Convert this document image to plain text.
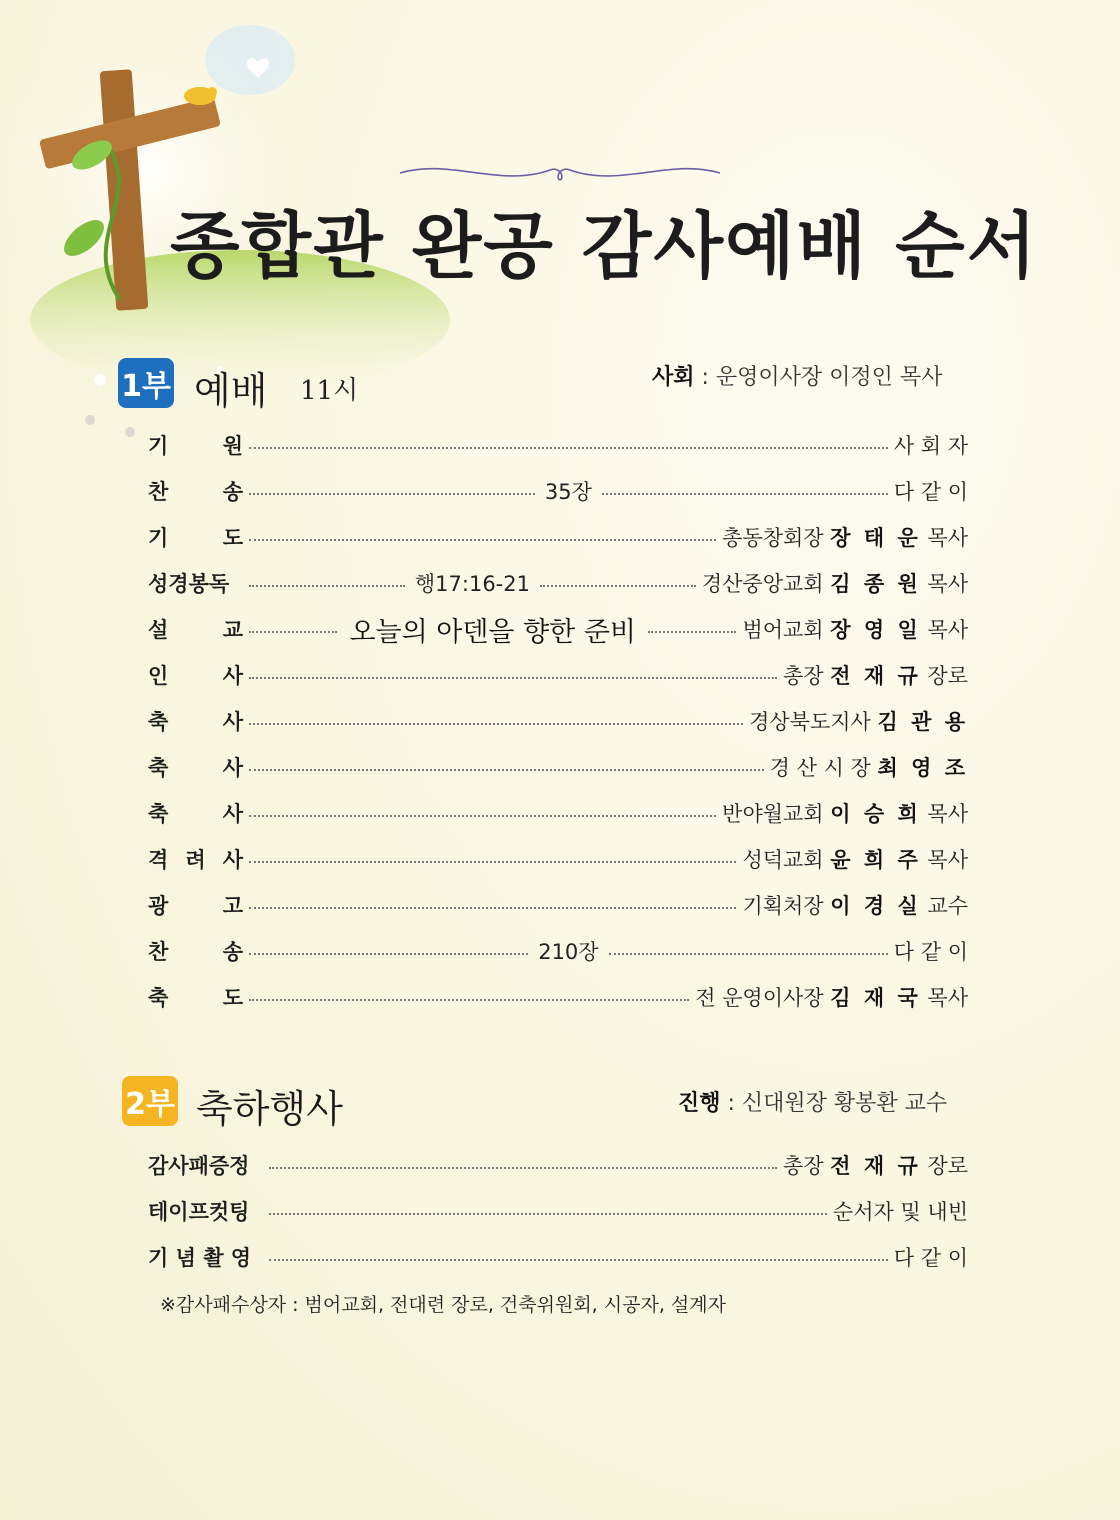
종합관 완공 감사예배 순서
1부 예배 11시	사회 : 운영이사장 이정인 목사
기	원	사 회 자
찬	송	35장	다 같 이
기	도	총동창회장 장 태 운 목사
성경봉독	행17:16-21	경산중앙교회 김 종 원 목사
설	교	오늘의 아덴을 향한 준비	범어교회 장 영 일 목사
인	사	총장 전 재 규 장로
축	사	경상북도지사 김 관 용
축	사	경 산 시 장 최 영 조
축	사	반야월교회 이 승 희 목사
격 려 사	성덕교회 윤 희 주 목사
광	고	기획처장 이 경 실 교수
찬	송	210장	다 같 이
축	도	전 운영이사장 김 재 국 목사
2부 축하행사	진행 : 신대원장 황봉환 교수
감사패증정	총장 전 재 규 장로
테이프컷팅	순서자 및 내빈
기 념 촬 영	다 같 이
※감사패수상자 : 범어교회, 전대련 장로, 건축위원회, 시공자, 설계자
